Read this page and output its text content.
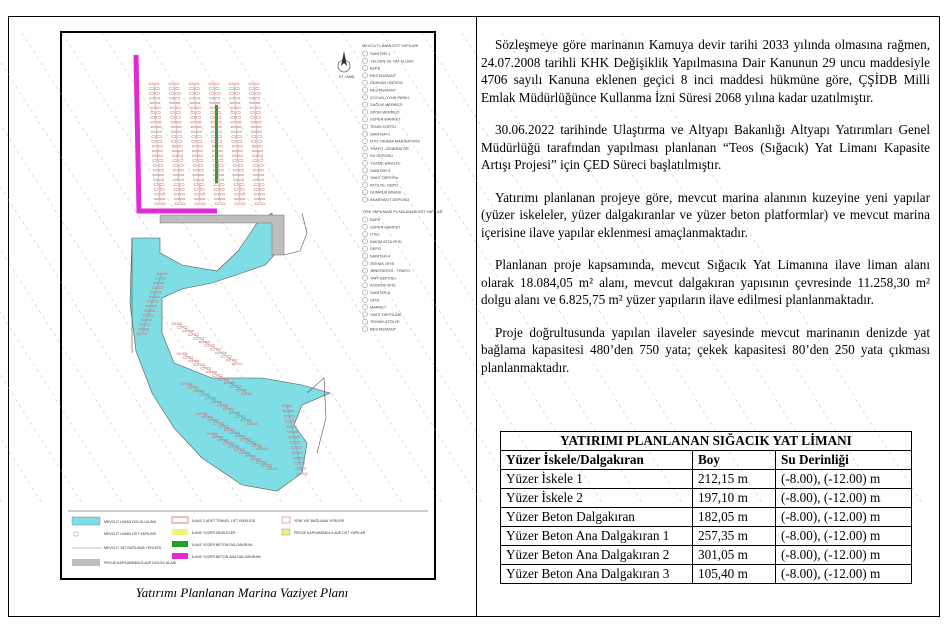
KT / KMD
MEVCUT LİMAN ÜST YAPILARI
SANİTER-1
YELKEN VE YAT KLÜBÜ
BÜFE
RESTAURANT
DÜKKAN ÜNİTESİ
RESTAURANT
ÇOCUK OYUN PARKI
SAĞLIK MERKEZİ
SPOR MERKEZİ
SÜPER MARKET
TENİS KORTU
SANİTER-2
OTO YIKAMA MARİNA OFİS
TRAFO -JENERATÖR
SU DEPOSU
YÜZME HAVUZU
SANİTER-3
YAKIT DEPOSU
ATÖLYE- DEPO
GÜMRÜK BİNASI
AKARYAKIT DEPOSU
YENİ YAPILMASI PLANLANAN ÜST YAPILAR
BÜFE
SÜPER MARKET
OTEL
BAKIM ATÖLYESİ
DEPO
SANİTER-4
TEKNİK OFİS
JENERATÖR - TRAFO
YAPI DEPOSU
ACENTA OFİS
SANİTER-5
OFİS
MARKET
YAKIT DEPOLARI
TEKNİK ATÖLYE
RESTAURANT
MEVCUT LİMAN DOLGU ALANI
MEVCUT LİMAN ÜST YAPILARI
MEVCUT YAT BAĞLAMA YERLERİ
PROJE KAPSAMINDA İLAVE DOLGU ALANI
İLAVE 2 ADET TRAVEL LİFT İSKELESİ
İLAVE YÜZER İSKELELER
İLAVE YÜZER BETON DALGAKIRAN
İLAVE YÜZER BETON ANA DALGAKIRAN
YENİ YAT BAĞLAMA YERLERİ
PROJE KAPSAMINDA İLAVE ÜST YAPILAR
Yatırımı Planlanan Marina Vaziyet Planı

Sözleşmeye göre marinanın Kamuya devir tarihi 2033 yılında olmasına rağmen, 24.07.2008 tarihli KHK Değişiklik Yapılmasına Dair Kanunun 29 uncu maddesiyle 4706 sayılı Kanuna eklenen geçici 8 inci maddesi hükmüne göre, ÇŞİDB Milli Emlak Müdürlüğünce Kullanma İzni Süresi 2068 yılına kadar uzatılmıştır.

30.06.2022 tarihinde Ulaştırma ve Altyapı Bakanlığı Altyapı Yatırımları Genel Müdürlüğü tarafından yapılması planlanan “Teos (Sığacık) Yat Limanı Kapasite Artışı Projesi” için ÇED Süreci başlatılmıştır.

Yatırımı planlanan projeye göre, mevcut marina alanının kuzeyine yeni yapılar (yüzer iskeleler, yüzer dalgakıranlar ve yüzer beton platformlar) ve mevcut marina içerisine ilave yapılar eklenmesi amaçlanmaktadır.

Planlanan proje kapsamında, mevcut Sığacık Yat Limanına ilave liman alanı olarak 18.084,05 m² alanı, mevcut dalgakıran yapısının çevresinde 11.258,30 m² dolgu alanı ve 6.825,75 m² yüzer yapıların ilave edilmesi planlanmaktadır.

Proje doğrultusunda yapılan ilaveler sayesinde mevcut marinanın denizde yat bağlama kapasitesi 480’den 750 yata; çekek kapasitesi 80’den 250 yata çıkması planlanmaktadır.

YATIRIMI PLANLANAN SIĞACIK YAT LİMANI		
Yüzer İskele/Dalgakıran	Boy	Su Derinliği
Yüzer İskele 1	212,15 m	(-8.00), (-12.00) m
Yüzer İskele 2	197,10 m	(-8.00), (-12.00) m
Yüzer Beton Dalgakıran	182,05 m	(-8.00), (-12.00) m
Yüzer Beton Ana Dalgakıran 1	257,35 m	(-8.00), (-12.00) m
Yüzer Beton Ana Dalgakıran 2	301,05 m	(-8.00), (-12.00) m
Yüzer Beton Ana Dalgakıran 3	105,40 m	(-8.00), (-12.00) m
